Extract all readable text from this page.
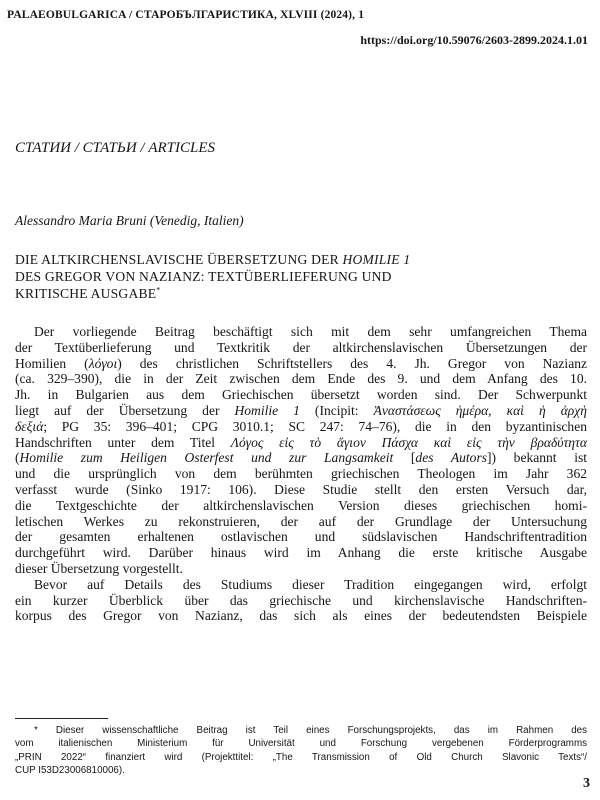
PALAEOBULGARICA / СТАРОБЪЛГАРИСТИКА, XLVIII (2024), 1
https://doi.org/10.59076/2603-2899.2024.1.01
СТАТИИ / СТАТЬИ / ARTICLES
Alessandro Maria Bruni (Venedig, Italien)
DIE ALTKIRCHENSLAVISCHE ÜBERSETZUNG DER HOMILIE 1
DES GREGOR VON NAZIANZ: TEXTÜBERLIEFERUNG UND
KRITISCHE AUSGABE*
Der vorliegende Beitrag beschäftigt sich mit dem sehr umfangreichen Thema
der Textüberlieferung und Textkritik der altkirchenslavischen Übersetzungen der
Homilien (λόγοι) des christlichen Schriftstellers des 4. Jh. Gregor von Nazianz
(ca. 329–390), die in der Zeit zwischen dem Ende des 9. und dem Anfang des 10.
Jh. in Bulgarien aus dem Griechischen übersetzt worden sind. Der Schwerpunkt
liegt auf der Übersetzung der Homilie 1 (Incipit: Ἀναστάσεως ἡμέρα, καὶ ἡ ἀρχὴ
δεξιά; PG 35: 396–401; CPG 3010.1; SC 247: 74–76), die in den byzantinischen
Handschriften unter dem Titel Λόγος εἰς τὸ ἅγιον Πάσχα καὶ εἰς τὴν βραδύτητα
(Homilie zum Heiligen Osterfest und zur Langsamkeit [des Autors]) bekannt ist
und die ursprünglich von dem berühmten griechischen Theologen im Jahr 362
verfasst wurde (Sinko 1917: 106). Diese Studie stellt den ersten Versuch dar,
die Textgeschichte der altkirchenslavischen Version dieses griechischen homi-
letischen Werkes zu rekonstruieren, der auf der Grundlage der Untersuchung
der gesamten erhaltenen ostlavischen und südslavischen Handschriftentradition
durchgeführt wird. Darüber hinaus wird im Anhang die erste kritische Ausgabe
dieser Übersetzung vorgestellt.
Bevor auf Details des Studiums dieser Tradition eingegangen wird, erfolgt
ein kurzer Überblick über das griechische und kirchenslavische Handschriften-
korpus des Gregor von Nazianz, das sich als eines der bedeutendsten Beispiele
* Dieser wissenschaftliche Beitrag ist Teil eines Forschungsprojekts, das im Rahmen des
vom italienischen Ministerium für Universität und Forschung vergebenen Förderprogramms
„PRIN 2022“ finanziert wird (Projekttitel: „The Transmission of Old Church Slavonic Texts“/
CUP I53D23006810006).
3
